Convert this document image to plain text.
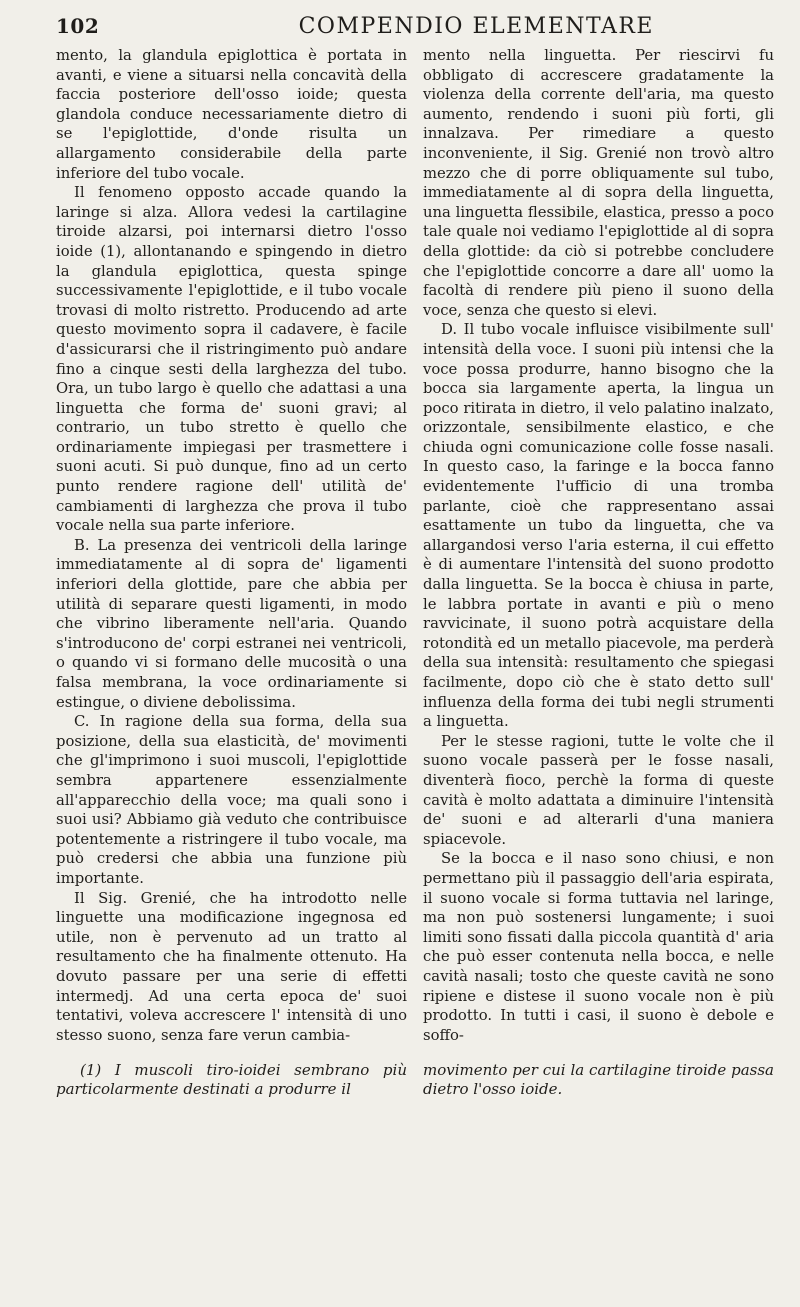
102	COMPENDIO ELEMENTARE

mento, la glandula epiglottica è portata in avanti, e viene a situarsi nella concavità della faccia posteriore dell'osso ioide; questa glandola conduce necessariamente dietro di se l'epiglottide, d'onde risulta un allargamento considerabile della parte inferiore del tubo vocale.

Il fenomeno opposto accade quando la laringe si alza. Allora vedesi la cartilagine tiroide alzarsi, poi internarsi dietro l'osso ioide (1), allontanando e spingendo in dietro la glandula epiglottica, questa spinge successivamente l'epiglottide, e il tubo vocale trovasi di molto ristretto. Producendo ad arte questo movimento sopra il cadavere, è facile d'assicurarsi che il ristringimento può andare fino a cinque sesti della larghezza del tubo. Ora, un tubo largo è quello che adattasi a una linguetta che forma de' suoni gravi; al contrario, un tubo stretto è quello che ordinariamente impiegasi per trasmettere i suoni acuti. Si può dunque, fino ad un certo punto rendere ragione dell' utilità de' cambiamenti di larghezza che prova il tubo vocale nella sua parte inferiore.

B. La presenza dei ventricoli della laringe immediatamente al di sopra de' ligamenti inferiori della glottide, pare che abbia per utilità di separare questi ligamenti, in modo che vibrino liberamente nell'aria. Quando s'introducono de' corpi estranei nei ventricoli, o quando vi si formano delle mucosità o una falsa membrana, la voce ordinariamente si estingue, o diviene debolissima.

C. In ragione della sua forma, della sua posizione, della sua elasticità, de' movimenti che gl'imprimono i suoi muscoli, l'epiglottide sembra appartenere essenzialmente all'apparecchio della voce; ma quali sono i suoi usi? Abbiamo già veduto che contribuisce potentemente a ristringere il tubo vocale, ma può credersi che abbia una funzione più importante.

Il Sig. Grenié, che ha introdotto nelle linguette una modificazione ingegnosa ed utile, non è pervenuto ad un tratto al resultamento che ha finalmente ottenuto. Ha dovuto passare per una serie di effetti intermedj. Ad una certa epoca de' suoi tentativi, voleva accrescere l' intensità di uno stesso suono, senza fare verun cambia-

mento nella linguetta. Per riescirvi fu obbligato di accrescere gradatamente la violenza della corrente dell'aria, ma questo aumento, rendendo i suoni più forti, gli innalzava. Per rimediare a questo inconveniente, il Sig. Grenié non trovò altro mezzo che di porre obliquamente sul tubo, immediatamente al di sopra della linguetta, una linguetta flessibile, elastica, presso a poco tale quale noi vediamo l'epiglottide al di sopra della glottide: da ciò si potrebbe concludere che l'epiglottide concorre a dare all' uomo la facoltà di rendere più pieno il suono della voce, senza che questo si elevi.

D. Il tubo vocale influisce visibilmente sull' intensità della voce. I suoni più intensi che la voce possa produrre, hanno bisogno che la bocca sia largamente aperta, la lingua un poco ritirata in dietro, il velo palatino inalzato, orizzontale, sensibilmente elastico, e che chiuda ogni comunicazione colle fosse nasali. In questo caso, la faringe e la bocca fanno evidentemente l'ufficio di una tromba parlante, cioè che rappresentano assai esattamente un tubo da linguetta, che va allargandosi verso l'aria esterna, il cui effetto è di aumentare l'intensità del suono prodotto dalla linguetta. Se la bocca è chiusa in parte, le labbra portate in avanti e più o meno ravvicinate, il suono potrà acquistare della rotondità ed un metallo piacevole, ma perderà della sua intensità: resultamento che spiegasi facilmente, dopo ciò che è stato detto sull' influenza della forma dei tubi negli strumenti a linguetta.

Per le stesse ragioni, tutte le volte che il suono vocale passerà per le fosse nasali, diventerà fioco, perchè la forma di queste cavità è molto adattata a diminuire l'intensità de' suoni e ad alterarli d'una maniera spiacevole.

Se la bocca e il naso sono chiusi, e non permettano più il passaggio dell'aria espirata, il suono vocale si forma tuttavia nel laringe, ma non può sostenersi lungamente; i suoi limiti sono fissati dalla piccola quantità d' aria che può esser contenuta nella bocca, e nelle cavità nasali; tosto che queste cavità ne sono ripiene e distese il suono vocale non è più prodotto. In tutti i casi, il suono è debole e soffo-

(1) I muscoli tiro-ioidei sembrano più particolarmente destinati a produrre il
movimento per cui la cartilagine tiroide passa dietro l'osso ioide.
